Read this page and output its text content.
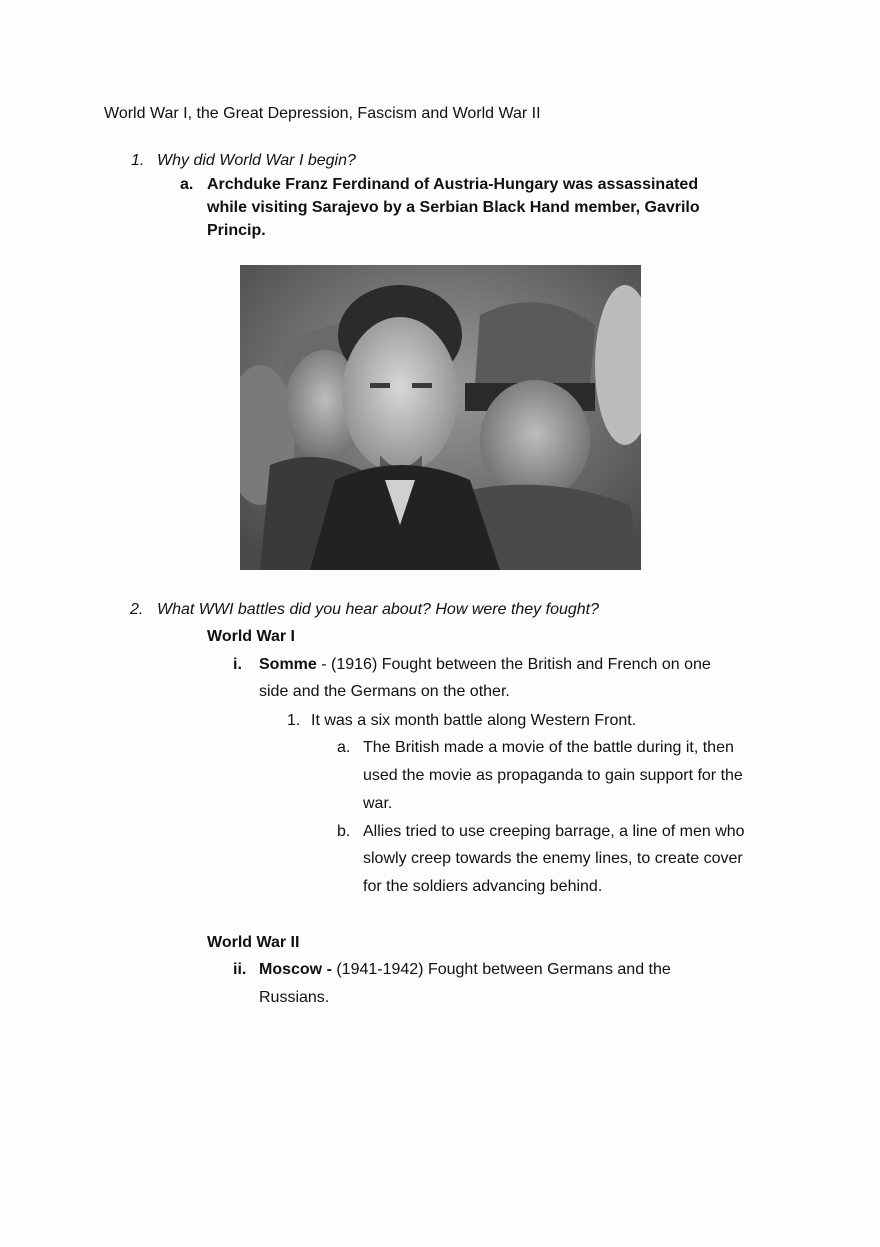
World War I, the Great Depression, Fascism and World War II
1. Why did World War I begin?
a. Archduke Franz Ferdinand of Austria-Hungary was assassinated
while visiting Sarajevo by a Serbian Black Hand member, Gavrilo
Princip.
2. What WWI battles did you hear about? How were they fought?
World War I
i. Somme - (1916) Fought between the British and French on one
side and the Germans on the other.
1. It was a six month battle along Western Front.
a. The British made a movie of the battle during it, then
used the movie as propaganda to gain support for the
war.
b. Allies tried to use creeping barrage, a line of men who
slowly creep towards the enemy lines, to create cover
for the soldiers advancing behind.
World War II
ii. Moscow - (1941-1942) Fought between Germans and the
Russians.
